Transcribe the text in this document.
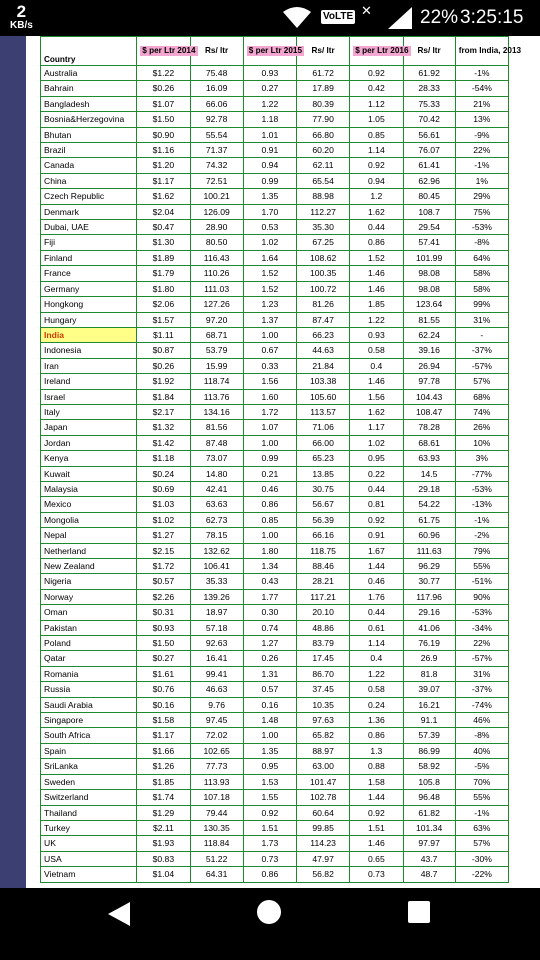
2
KB/s
VoLTE ✕	22% 3:25:15
Country	$ per Ltr 2014	Rs/ ltr	$ per Ltr 2015	Rs/ ltr	$ per Ltr 2016	Rs/ ltr	from India, 2013
Australia	$1.22	75.48	0.93	61.72	0.92	61.92	-1%
Bahrain	$0.26	16.09	0.27	17.89	0.42	28.33	-54%
Bangladesh	$1.07	66.06	1.22	80.39	1.12	75.33	21%
Bosnia&Herzegovina	$1.50	92.78	1.18	77.90	1.05	70.42	13%
Bhutan	$0.90	55.54	1.01	66.80	0.85	56.61	-9%
Brazil	$1.16	71.37	0.91	60.20	1.14	76.07	22%
Canada	$1.20	74.32	0.94	62.11	0.92	61.41	-1%
China	$1.17	72.51	0.99	65.54	0.94	62.96	1%
Czech Republic	$1.62	100.21	1.35	88.98	1.2	80.45	29%
Denmark	$2.04	126.09	1.70	112.27	1.62	108.7	75%
Dubai, UAE	$0.47	28.90	0.53	35.30	0.44	29.54	-53%
Fiji	$1.30	80.50	1.02	67.25	0.86	57.41	-8%
Finland	$1.89	116.43	1.64	108.62	1.52	101.99	64%
France	$1.79	110.26	1.52	100.35	1.46	98.08	58%
Germany	$1.80	111.03	1.52	100.72	1.46	98.08	58%
Hongkong	$2.06	127.26	1.23	81.26	1.85	123.64	99%
Hungary	$1.57	97.20	1.37	87.47	1.22	81.55	31%
India	$1.11	68.71	1.00	66.23	0.93	62.24	-
Indonesia	$0.87	53.79	0.67	44.63	0.58	39.16	-37%
Iran	$0.26	15.99	0.33	21.84	0.4	26.94	-57%
Ireland	$1.92	118.74	1.56	103.38	1.46	97.78	57%
Israel	$1.84	113.76	1.60	105.60	1.56	104.43	68%
Italy	$2.17	134.16	1.72	113.57	1.62	108.47	74%
Japan	$1.32	81.56	1.07	71.06	1.17	78.28	26%
Jordan	$1.42	87.48	1.00	66.00	1.02	68.61	10%
Kenya	$1.18	73.07	0.99	65.23	0.95	63.93	3%
Kuwait	$0.24	14.80	0.21	13.85	0.22	14.5	-77%
Malaysia	$0.69	42.41	0.46	30.75	0.44	29.18	-53%
Mexico	$1.03	63.63	0.86	56.67	0.81	54.22	-13%
Mongolia	$1.02	62.73	0.85	56.39	0.92	61.75	-1%
Nepal	$1.27	78.15	1.00	66.16	0.91	60.96	-2%
Netherland	$2.15	132.62	1.80	118.75	1.67	111.63	79%
New Zealand	$1.72	106.41	1.34	88.46	1.44	96.29	55%
Nigeria	$0.57	35.33	0.43	28.21	0.46	30.77	-51%
Norway	$2.26	139.26	1.77	117.21	1.76	117.96	90%
Oman	$0.31	18.97	0.30	20.10	0.44	29.16	-53%
Pakistan	$0.93	57.18	0.74	48.86	0.61	41.06	-34%
Poland	$1.50	92.63	1.27	83.79	1.14	76.19	22%
Qatar	$0.27	16.41	0.26	17.45	0.4	26.9	-57%
Romania	$1.61	99.41	1.31	86.70	1.22	81.8	31%
Russia	$0.76	46.63	0.57	37.45	0.58	39.07	-37%
Saudi Arabia	$0.16	9.76	0.16	10.35	0.24	16.21	-74%
Singapore	$1.58	97.45	1.48	97.63	1.36	91.1	46%
South Africa	$1.17	72.02	1.00	65.82	0.86	57.39	-8%
Spain	$1.66	102.65	1.35	88.97	1.3	86.99	40%
SriLanka	$1.26	77.73	0.95	63.00	0.88	58.92	-5%
Sweden	$1.85	113.93	1.53	101.47	1.58	105.8	70%
Switzerland	$1.74	107.18	1.55	102.78	1.44	96.48	55%
Thailand	$1.29	79.44	0.92	60.64	0.92	61.82	-1%
Turkey	$2.11	130.35	1.51	99.85	1.51	101.34	63%
UK	$1.93	118.84	1.73	114.23	1.46	97.97	57%
USA	$0.83	51.22	0.73	47.97	0.65	43.7	-30%
Vietnam	$1.04	64.31	0.86	56.82	0.73	48.7	-22%
